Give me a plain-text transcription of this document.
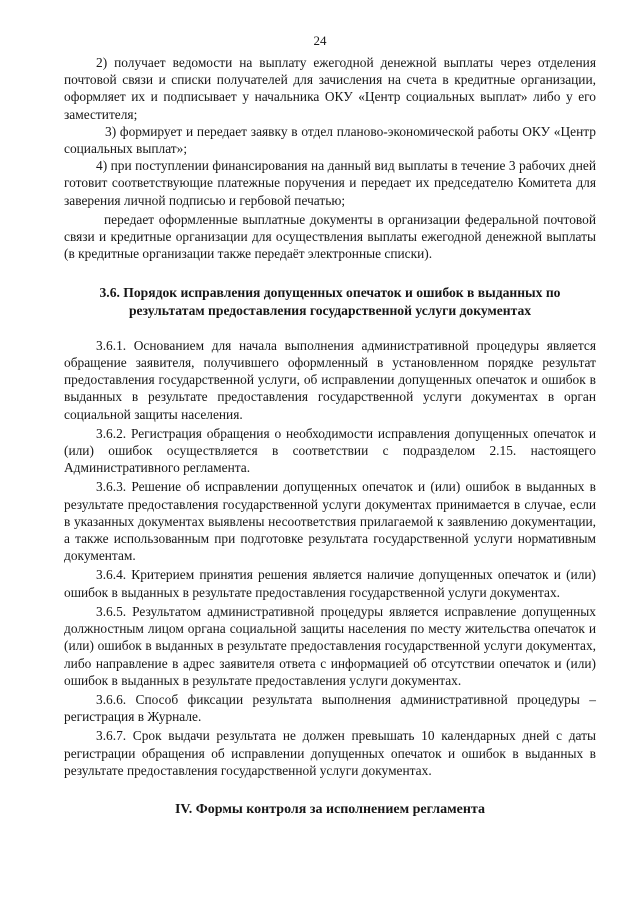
24

2) получает ведомости на выплату ежегодной денежной выплаты через отделения почтовой связи и списки получателей для зачисления на счета в кредитные организации, оформляет их и подписывает у начальника ОКУ «Центр социальных выплат» либо у его заместителя;

3) формирует и передает заявку в отдел планово-экономической работы ОКУ «Центр социальных выплат»;

4) при поступлении финансирования на данный вид выплаты в течение 3 рабочих дней готовит соответствующие платежные поручения и передает их председателю Комитета для заверения личной подписью и гербовой печатью;

передает оформленные выплатные документы в организации федеральной почтовой связи и кредитные организации для осуществления выплаты ежегодной денежной выплаты (в кредитные организации также передаёт электронные списки).

3.6. Порядок исправления допущенных опечаток и ошибок в выданных по результатам предоставления государственной услуги документах

3.6.1. Основанием для начала выполнения административной процедуры является обращение заявителя, получившего оформленный в установленном порядке результат предоставления государственной услуги, об исправлении допущенных опечаток и ошибок в выданных в результате предоставления государственной услуги документах в орган социальной защиты населения.

3.6.2. Регистрация обращения о необходимости исправления допущенных опечаток и (или) ошибок осуществляется в соответствии с подразделом 2.15. настоящего Административного регламента.

3.6.3. Решение об исправлении допущенных опечаток и (или) ошибок в выданных в результате предоставления государственной услуги документах принимается в случае, если в указанных документах выявлены несоответствия прилагаемой к заявлению документации, а также использованным при подготовке результата государственной услуги нормативным документам.

3.6.4. Критерием принятия решения является наличие допущенных опечаток и (или) ошибок в выданных в результате предоставления государственной услуги документах.

3.6.5. Результатом административной процедуры является исправление допущенных должностным лицом органа социальной защиты населения по месту жительства опечаток и (или) ошибок в выданных в результате предоставления государственной услуги документах, либо направление в адрес заявителя ответа с информацией об отсутствии опечаток и (или) ошибок в выданных в результате предоставления услуги документах.

3.6.6. Способ фиксации результата выполнения административной процедуры – регистрация в Журнале.

3.6.7. Срок выдачи результата не должен превышать 10 календарных дней с даты регистрации обращения об исправлении допущенных опечаток и ошибок в выданных в результате предоставления государственной услуги документах.

IV. Формы контроля за исполнением регламента
